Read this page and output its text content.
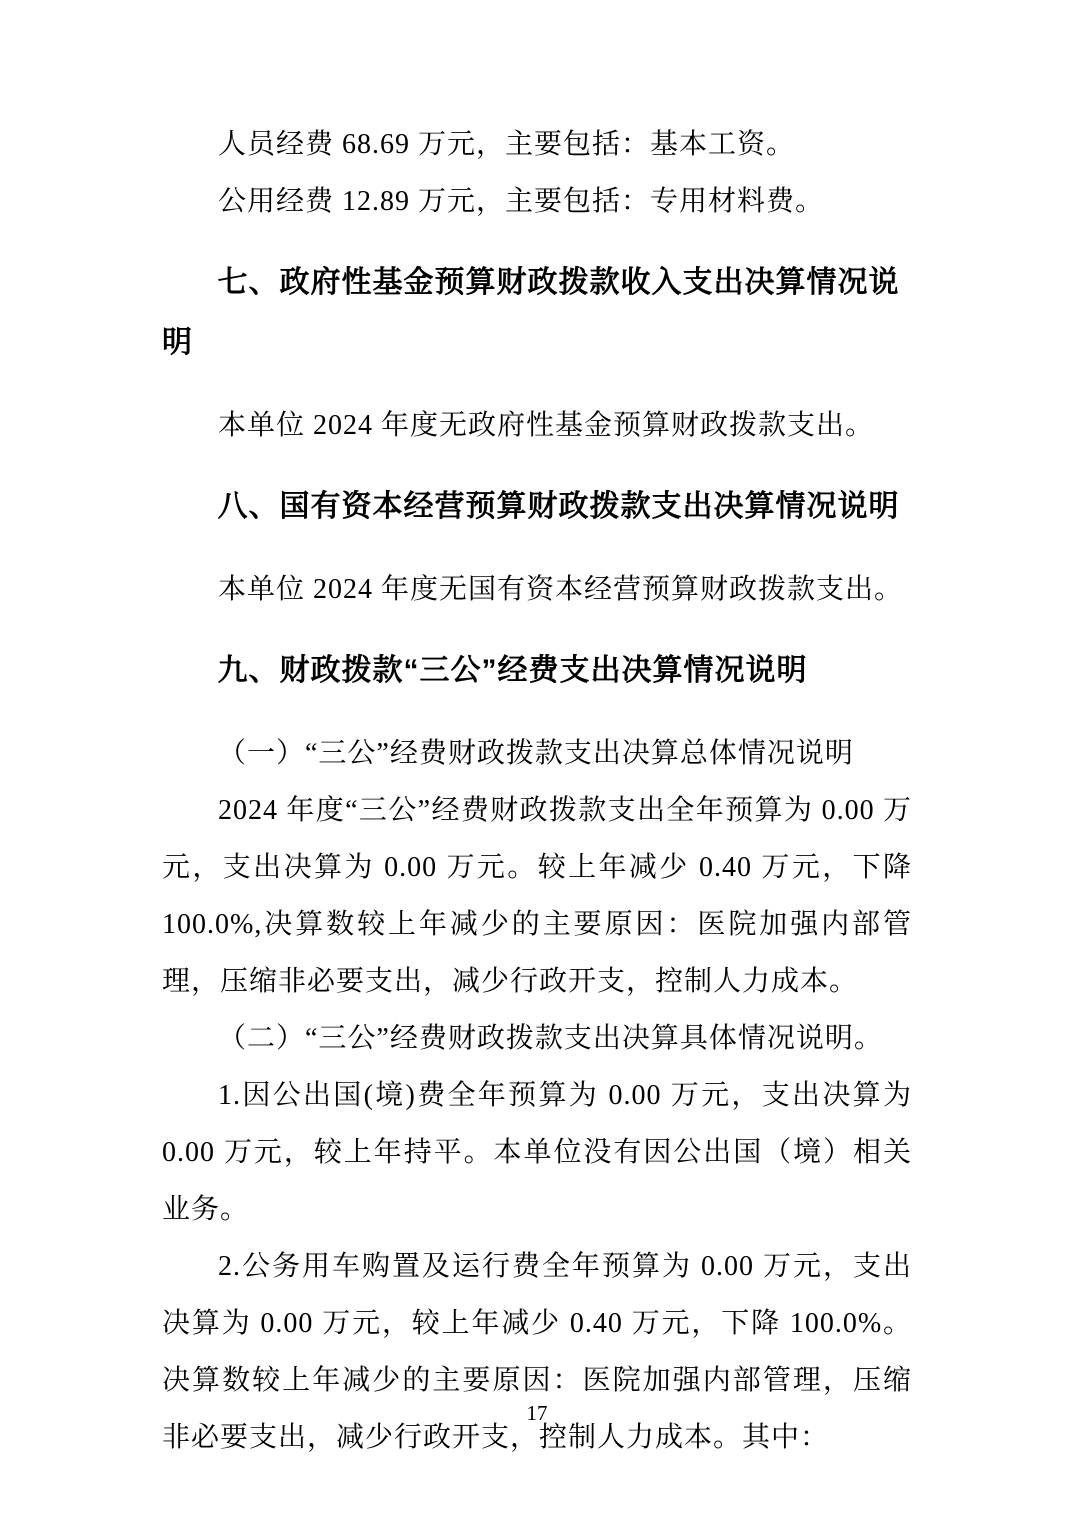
人员经费 68.69 万元，主要包括：基本工资。

公用经费 12.89 万元，主要包括：专用材料费。

七、政府性基金预算财政拨款收入支出决算情况说明

本单位 2024 年度无政府性基金预算财政拨款支出。

八、国有资本经营预算财政拨款支出决算情况说明

本单位 2024 年度无国有资本经营预算财政拨款支出。

九、财政拨款“三公”经费支出决算情况说明

（一）“三公”经费财政拨款支出决算总体情况说明

2024 年度“三公”经费财政拨款支出全年预算为 0.00 万元，支出决算为 0.00 万元。较上年减少 0.40 万元，下降 100.0%,决算数较上年减少的主要原因：医院加强内部管理，压缩非必要支出，减少行政开支，控制人力成本。

（二）“三公”经费财政拨款支出决算具体情况说明。

1.因公出国(境)费全年预算为 0.00 万元，支出决算为 0.00 万元，较上年持平。本单位没有因公出国（境）相关业务。

2.公务用车购置及运行费全年预算为 0.00 万元，支出决算为 0.00 万元，较上年减少 0.40 万元，下降 100.0%。决算数较上年减少的主要原因：医院加强内部管理，压缩非必要支出，减少行政开支，控制人力成本。其中：

17
